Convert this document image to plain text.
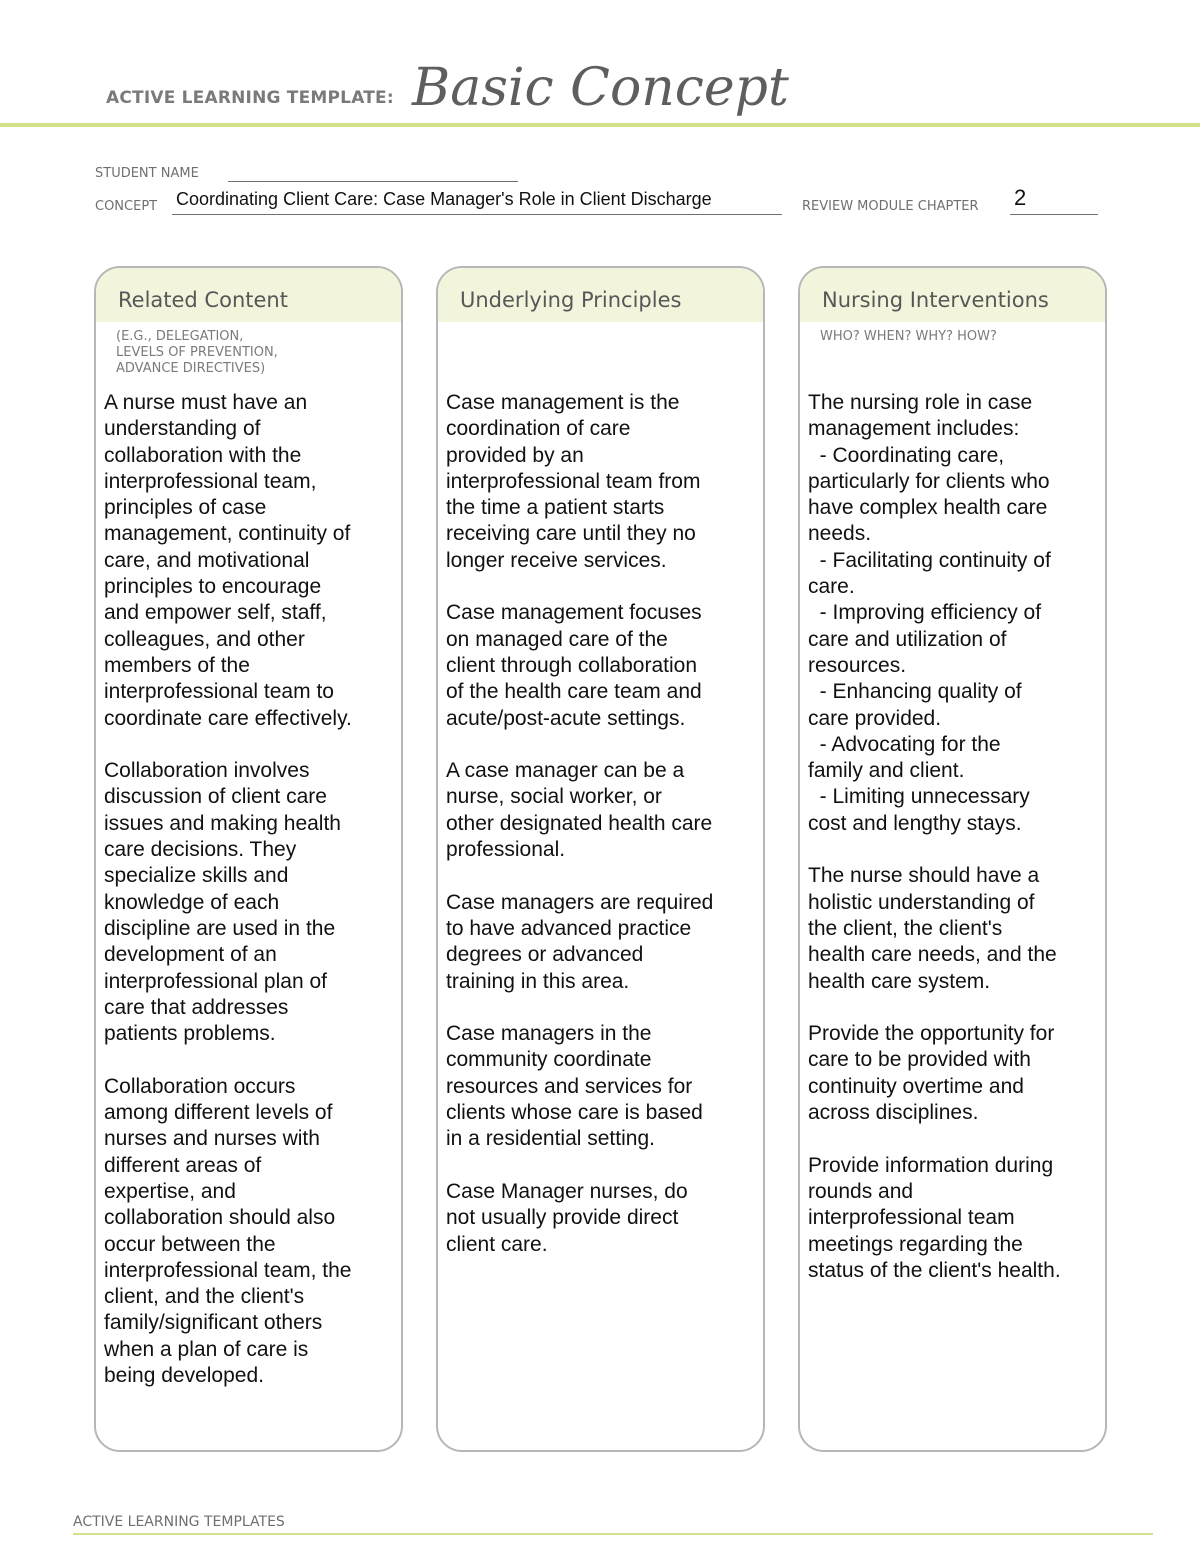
ACTIVE LEARNING TEMPLATE: Basic Concept
STUDENT NAME
CONCEPT Coordinating Client Care: Case Manager's Role in Client Discharge	REVIEW MODULE CHAPTER 2
Related Content
(E.G., DELEGATION,
LEVELS OF PREVENTION,
ADVANCE DIRECTIVES)
A nurse must have an
understanding of
collaboration with the
interprofessional team,
principles of case
management, continuity of
care, and motivational
principles to encourage
and empower self, staff,
colleagues, and other
members of the
interprofessional team to
coordinate care effectively.

Collaboration involves
discussion of client care
issues and making health
care decisions. They
specialize skills and
knowledge of each
discipline are used in the
development of an
interprofessional plan of
care that addresses
patients problems.

Collaboration occurs
among different levels of
nurses and nurses with
different areas of
expertise, and
collaboration should also
occur between the
interprofessional team, the
client, and the client's
family/significant others
when a plan of care is
being developed.
Underlying Principles
Case management is the
coordination of care
provided by an
interprofessional team from
the time a patient starts
receiving care until they no
longer receive services.

Case management focuses
on managed care of the
client through collaboration
of the health care team and
acute/post-acute settings.

A case manager can be a
nurse, social worker, or
other designated health care
professional.

Case managers are required
to have advanced practice
degrees or advanced
training in this area.

Case managers in the
community coordinate
resources and services for
clients whose care is based
in a residential setting.

Case Manager nurses, do
not usually provide direct
client care.
Nursing Interventions
WHO? WHEN? WHY? HOW?
The nursing role in case
management includes:
- Coordinating care,
particularly for clients who
have complex health care
needs.
- Facilitating continuity of
care.
- Improving efficiency of
care and utilization of
resources.
- Enhancing quality of
care provided.
- Advocating for the
family and client.
- Limiting unnecessary
cost and lengthy stays.

The nurse should have a
holistic understanding of
the client, the client's
health care needs, and the
health care system.

Provide the opportunity for
care to be provided with
continuity overtime and
across disciplines.

Provide information during
rounds and
interprofessional team
meetings regarding the
status of the client's health.
ACTIVE LEARNING TEMPLATES
